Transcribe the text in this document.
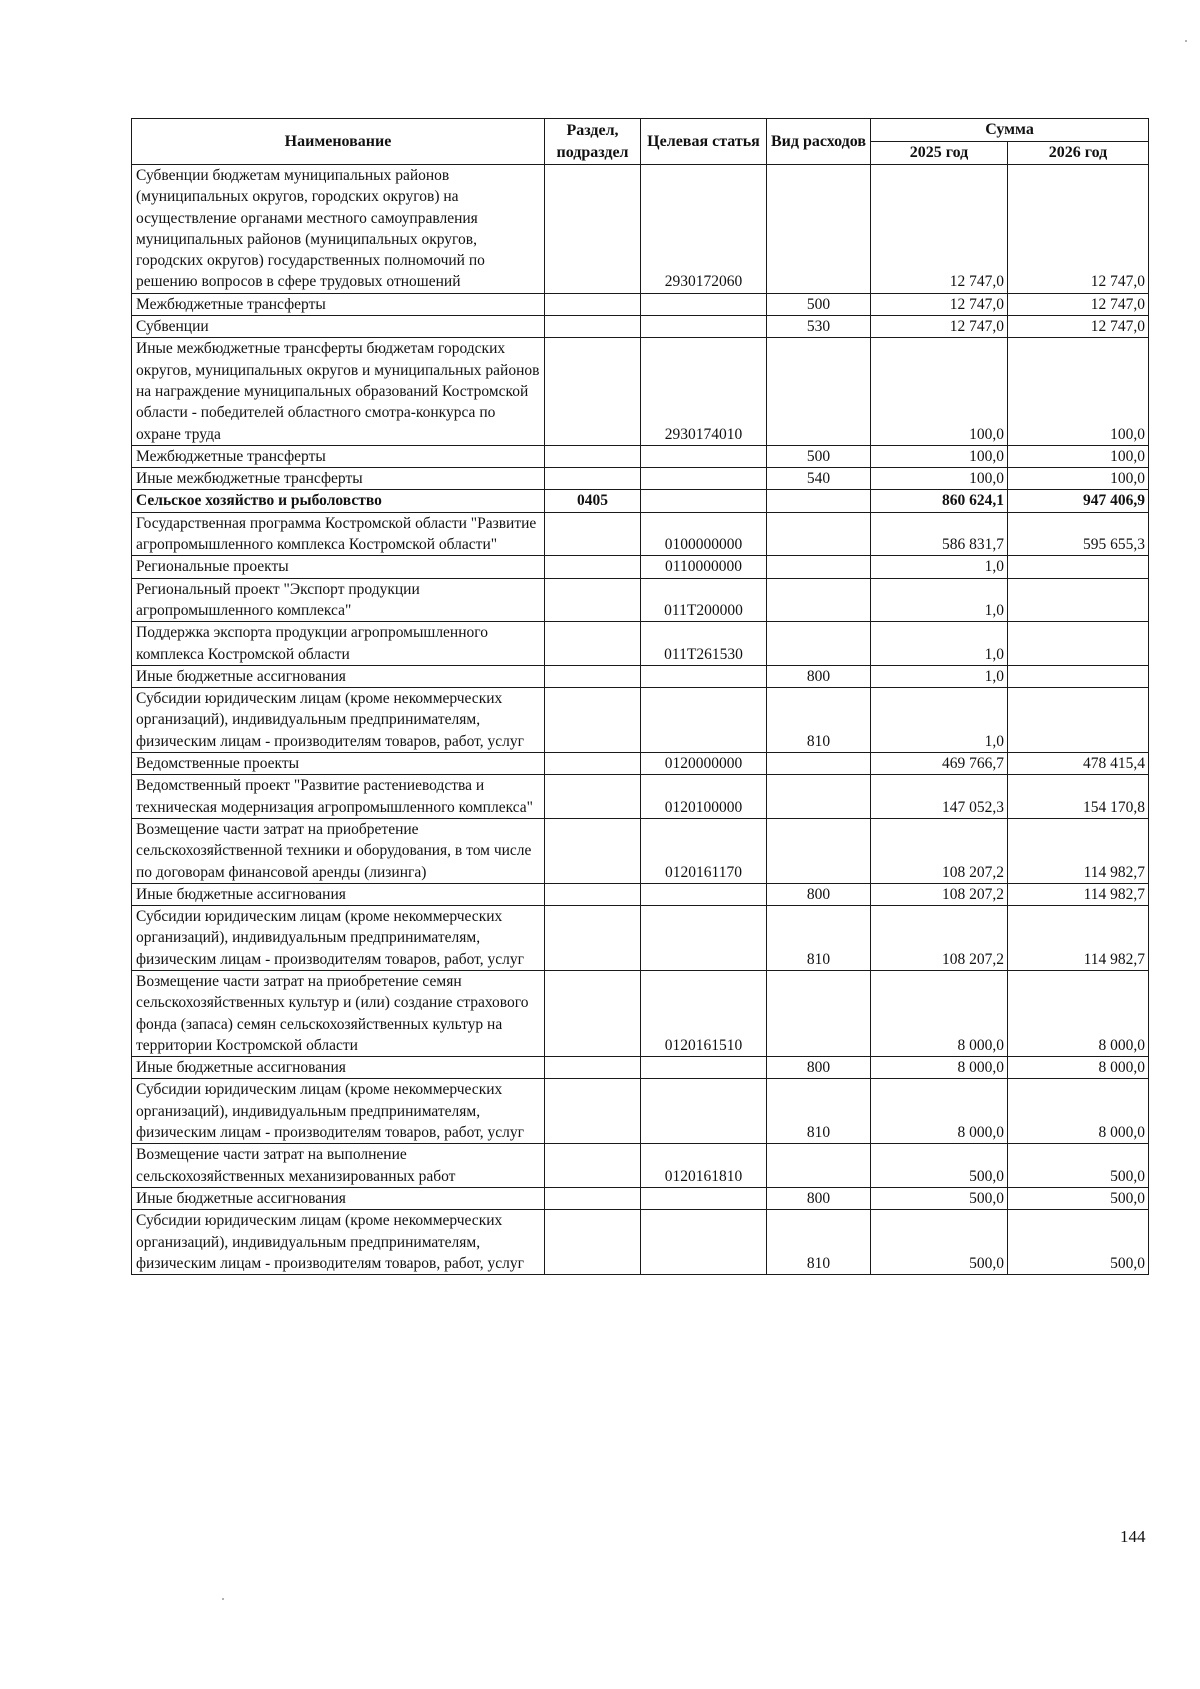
Наименование	Раздел, подраздел	Целевая статья	Вид расходов	Сумма	
				2025 год	2026 год
Субвенции бюджетам муниципальных районов (муниципальных округов, городских округов) на осуществление органами местного самоуправления муниципальных районов (муниципальных округов, городских округов) государственных полномочий по решению вопросов в сфере трудовых отношений		2930172060		12 747,0	12 747,0
Межбюджетные трансферты			500	12 747,0	12 747,0
Субвенции			530	12 747,0	12 747,0
Иные межбюджетные трансферты бюджетам городских округов, муниципальных округов и муниципальных районов на награждение муниципальных образований Костромской области - победителей областного смотра-конкурса по охране труда		2930174010		100,0	100,0
Межбюджетные трансферты			500	100,0	100,0
Иные межбюджетные трансферты			540	100,0	100,0
Сельское хозяйство и рыболовство	0405			860 624,1	947 406,9
Государственная программа Костромской области "Развитие агропромышленного комплекса Костромской области"		0100000000		586 831,7	595 655,3
Региональные проекты		0110000000		1,0	
Региональный проект "Экспорт продукции агропромышленного комплекса"		011T200000		1,0	
Поддержка экспорта продукции агропромышленного комплекса Костромской области		011T261530		1,0	
Иные бюджетные ассигнования			800	1,0	
Субсидии юридическим лицам (кроме некоммерческих организаций), индивидуальным предпринимателям, физическим лицам - производителям товаров, работ, услуг			810	1,0	
Ведомственные проекты		0120000000		469 766,7	478 415,4
Ведомственный проект "Развитие растениеводства и техническая модернизация агропромышленного комплекса"		0120100000		147 052,3	154 170,8
Возмещение части затрат на приобретение сельскохозяйственной техники и оборудования, в том числе по договорам финансовой аренды (лизинга)		0120161170		108 207,2	114 982,7
Иные бюджетные ассигнования			800	108 207,2	114 982,7
Субсидии юридическим лицам (кроме некоммерческих организаций), индивидуальным предпринимателям, физическим лицам - производителям товаров, работ, услуг			810	108 207,2	114 982,7
Возмещение части затрат на приобретение семян сельскохозяйственных культур и (или) создание страхового фонда (запаса) семян сельскохозяйственных культур на территории Костромской области		0120161510		8 000,0	8 000,0
Иные бюджетные ассигнования			800	8 000,0	8 000,0
Субсидии юридическим лицам (кроме некоммерческих организаций), индивидуальным предпринимателям, физическим лицам - производителям товаров, работ, услуг			810	8 000,0	8 000,0
Возмещение части затрат на выполнение сельскохозяйственных механизированных работ		0120161810		500,0	500,0
Иные бюджетные ассигнования			800	500,0	500,0
Субсидии юридическим лицам (кроме некоммерческих организаций), индивидуальным предпринимателям, физическим лицам - производителям товаров, работ, услуг			810	500,0	500,0
144
